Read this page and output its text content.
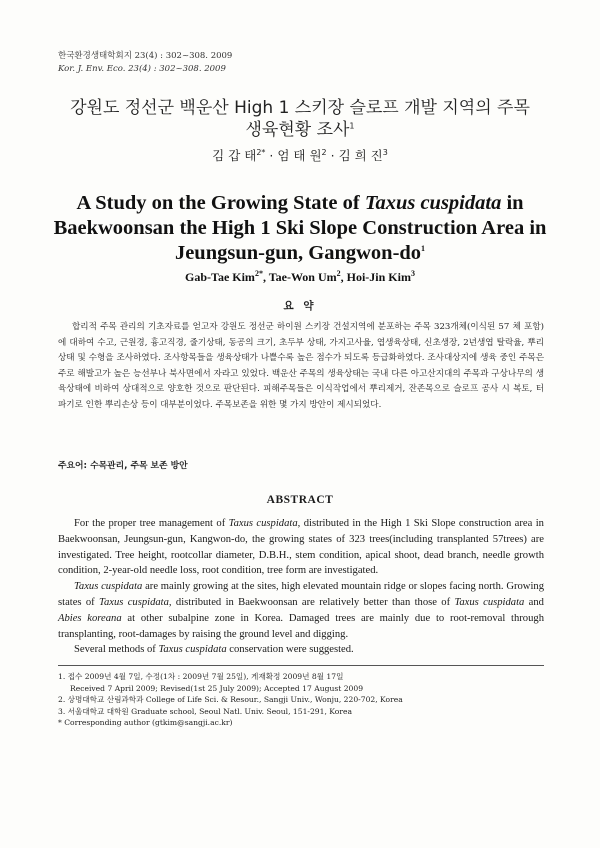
한국환경생태학회지 23(4) : 302~308. 2009
Kor. J. Env. Eco. 23(4) : 302~308. 2009
강원도 정선군 백운산 High 1 스키장 슬로프 개발 지역의 주목
생육현황 조사$^1$
김 갑 태$^{2*}$ · 엄 태 원$^2$ · 김 희 진$^3$
A Study on the Growing State of Taxus cuspidata in
Baekwoonsan the High 1 Ski Slope Construction Area in
Jeungsun-gun, Gangwon-$do^1$
Gab-Tae Kim$^{2*}$, Tae-Won Um$^2$, Hoi-Jin Kim$^3$
요 약

합리적 주목 관리의 기초자료를 얻고자 강원도 정선군 하이원 스키장 건설지역에 분포하는 주목 323개체(이식된 57 체 포함)에 대하여 수고, 근원경, 흉고직경, 줄기상태, 동공의 크기, 초두부 상태, 가지고사율, 엽생육상태, 신초생장, 2년생엽 탈락율, 뿌리상태 및 수형을 조사하였다. 조사항목들을 생육상태가 나쁠수록 높은 점수가 되도록 등급화하였다. 조사대상지에 생육 중인 주목은 주로 해발고가 높은 능선부나 북사면에서 자라고 있었다. 백운산 주목의 생육상태는 국내 다른 아고산지대의 주목과 구상나무의 생육상태에 비하여 상대적으로 양호한 것으로 판단된다. 피해주목들은 이식작업에서 뿌리제거, 잔존목으로 슬로프 공사 시 복토, 터파기로 인한 뿌리손상 등이 대부분이었다. 주목보존을 위한 몇 가지 방안이 제시되었다.

주요어: 수목관리, 주목 보존 방안
ABSTRACT

For the proper tree management of Taxus cuspidata, distributed in the High 1 Ski Slope construction area in Baekwoonsan, Jeungsun-gun, Kangwon-do, the growing states of 323 trees(including transplanted 57trees) are investigated. Tree height, rootcollar diameter, D.B.H., stem condition, apical shoot, dead branch, needle growth condition, 2-year-old needle loss, root condition, tree form are investigated.

Taxus cuspidata are mainly growing at the sites, high elevated mountain ridge or slopes facing north. Growing states of Taxus cuspidata, distributed in Baekwoonsan are relatively better than those of Taxus cuspidata and Abies koreana at other subalpine zone in Korea. Damaged trees are mainly due to root-removal through transplanting, root-damages by raising the ground level and digging.

Several methods of Taxus cuspidata conservation were suggested.

1. 접수 2009년 4월 7일, 수정(1차 : 2009년 7월 25일), 게재확정 2009년 8월 17일
Received 7 April 2009; Revised(1st 25 July 2009); Accepted 17 August 2009
2. 상명대학교 산림과학과 College of Life Sci. & Resour., Sangji Univ., Wonju, 220-702, Korea
3. 서울대학교 대학원 Graduate school, Seoul Natl. Univ. Seoul, 151-291, Korea
* Corresponding author (gtkim@sangji.ac.kr)
